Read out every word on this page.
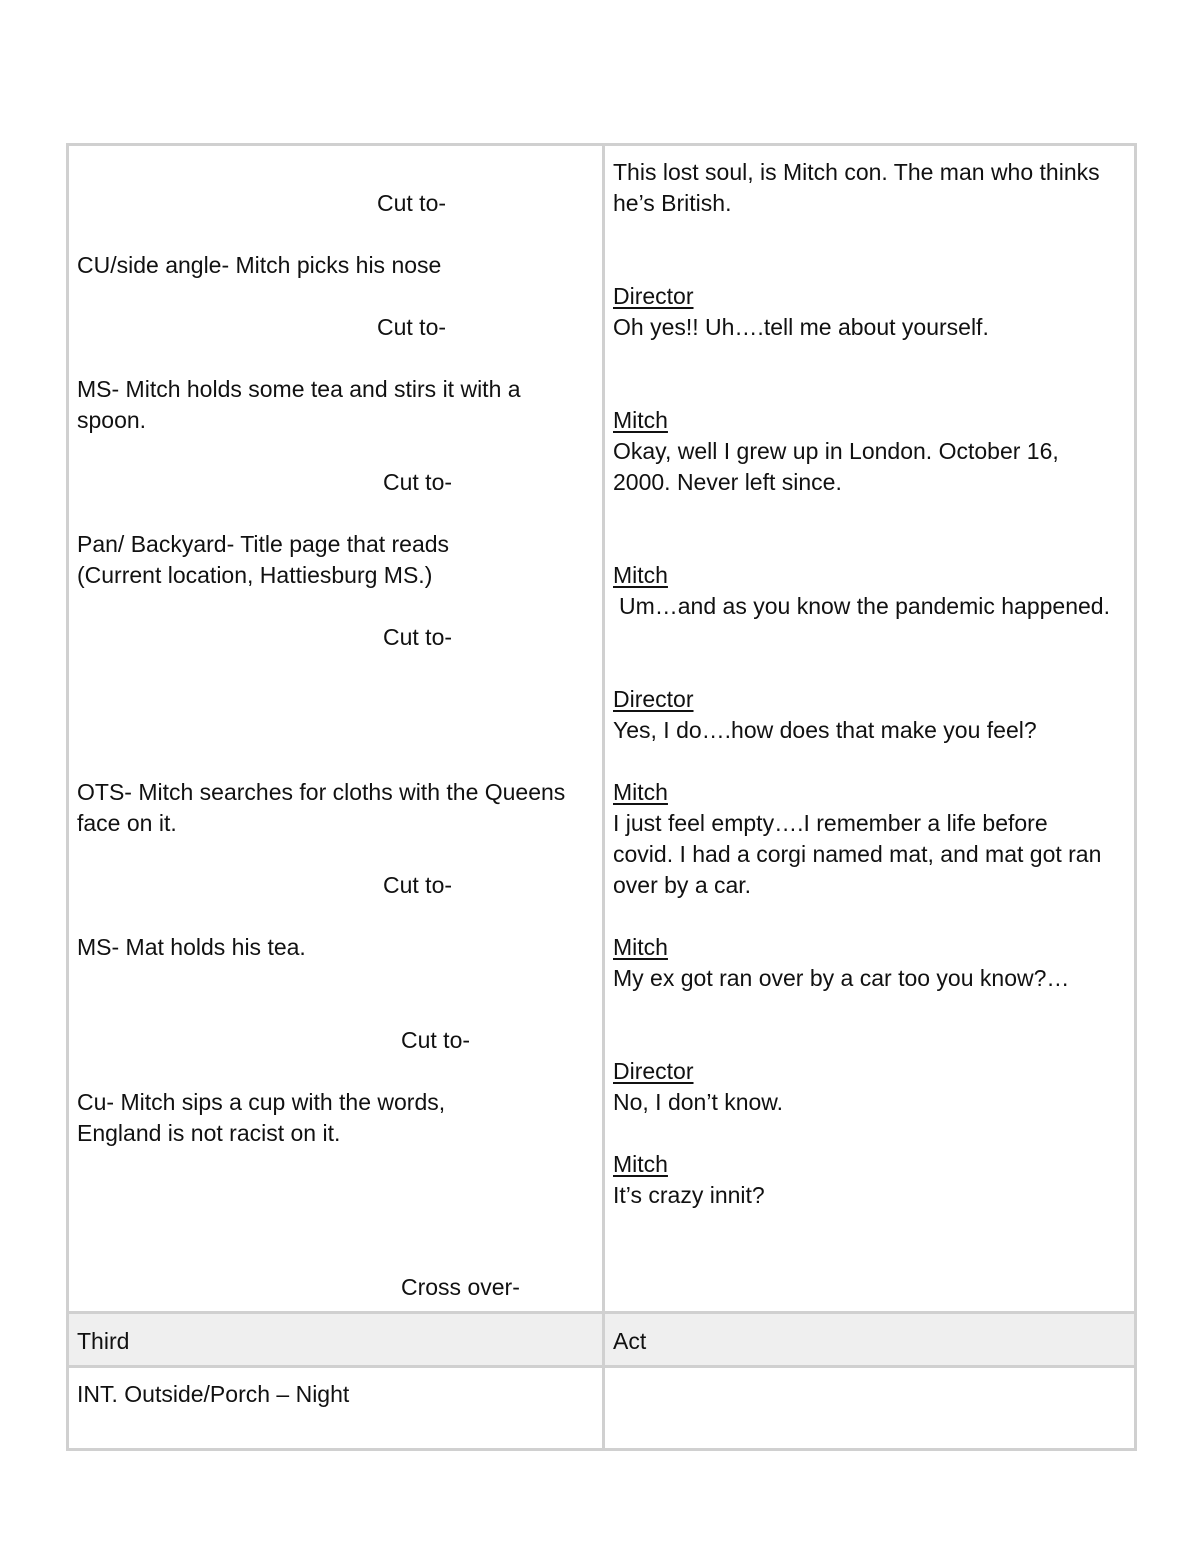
Cut to-
CU/side angle- Mitch picks his nose
Cut to-
MS- Mitch holds some tea and stirs it with a
spoon.
Cut to-
Pan/ Backyard- Title page that reads
(Current location, Hattiesburg MS.)
Cut to-
OTS- Mitch searches for cloths with the Queens
face on it.
Cut to-
MS- Mat holds his tea.
Cut to-
Cu- Mitch sips a cup with the words,
England is not racist on it.
Cross over-
This lost soul, is Mitch con. The man who thinks
he’s British.
Director
Oh yes!! Uh….tell me about yourself.
Mitch
Okay, well I grew up in London. October 16,
2000. Never left since.
Mitch
Um…and as you know the pandemic happened.
Director
Yes, I do….how does that make you feel?
Mitch
I just feel empty….I remember a life before
covid. I had a corgi named mat, and mat got ran
over by a car.
Mitch
My ex got ran over by a car too you know?…
Director
No, I don’t know.
Mitch
It’s crazy innit?
Third	Act
INT. Outside/Porch – Night
